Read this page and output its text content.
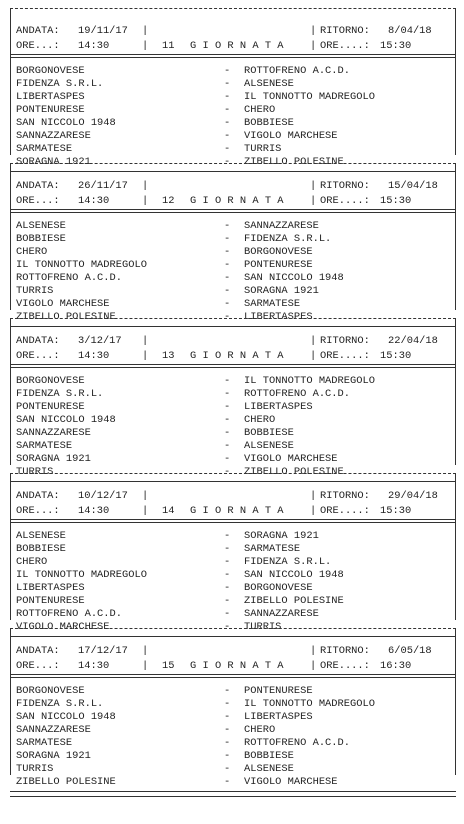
ANDATA: 19/11/17 |	| RITORNO: 8/04/18
ORE...: 14:30	| 11 G I O R N A T A	| ORE....: 15:30
BORGONOVESE	- ROTTOFRENO A.C.D.
FIDENZA S.R.L.	- ALSENESE
LIBERTASPES	- IL TONNOTTO MADREGOLO
PONTENURESE	- CHERO
SAN NICCOLO 1948	- BOBBIESE
SANNAZZARESE	- VIGOLO MARCHESE
SARMATESE	- TURRIS
SORAGNA 1921	- ZIBELLO POLESINE
ANDATA: 26/11/17 |	| RITORNO: 15/04/18
ORE...: 14:30	| 12 G I O R N A T A	| ORE....: 15:30
ALSENESE	- SANNAZZARESE
BOBBIESE	- FIDENZA S.R.L.
CHERO	- BORGONOVESE
IL TONNOTTO MADREGOLO	- PONTENURESE
ROTTOFRENO A.C.D.	- SAN NICCOLO 1948
TURRIS	- SORAGNA 1921
VIGOLO MARCHESE	- SARMATESE
ZIBELLO POLESINE	- LIBERTASPES
ANDATA: 3/12/17 |	| RITORNO: 22/04/18
ORE...: 14:30	| 13 G I O R N A T A	| ORE....: 15:30
BORGONOVESE	- IL TONNOTTO MADREGOLO
FIDENZA S.R.L.	- ROTTOFRENO A.C.D.
PONTENURESE	- LIBERTASPES
SAN NICCOLO 1948	- CHERO
SANNAZZARESE	- BOBBIESE
SARMATESE	- ALSENESE
SORAGNA 1921	- VIGOLO MARCHESE
TURRIS	- ZIBELLO POLESINE
ANDATA: 10/12/17 |	| RITORNO: 29/04/18
ORE...: 14:30	| 14 G I O R N A T A	| ORE....: 15:30
ALSENESE	- SORAGNA 1921
BOBBIESE	- SARMATESE
CHERO	- FIDENZA S.R.L.
IL TONNOTTO MADREGOLO	- SAN NICCOLO 1948
LIBERTASPES	- BORGONOVESE
PONTENURESE	- ZIBELLO POLESINE
ROTTOFRENO A.C.D.	- SANNAZZARESE
VIGOLO MARCHESE	- TURRIS
ANDATA: 17/12/17 |	| RITORNO: 6/05/18
ORE...: 14:30	| 15 G I O R N A T A	| ORE....: 16:30
BORGONOVESE	- PONTENURESE
FIDENZA S.R.L.	- IL TONNOTTO MADREGOLO
SAN NICCOLO 1948	- LIBERTASPES
SANNAZZARESE	- CHERO
SARMATESE	- ROTTOFRENO A.C.D.
SORAGNA 1921	- BOBBIESE
TURRIS	- ALSENESE
ZIBELLO POLESINE	- VIGOLO MARCHESE
